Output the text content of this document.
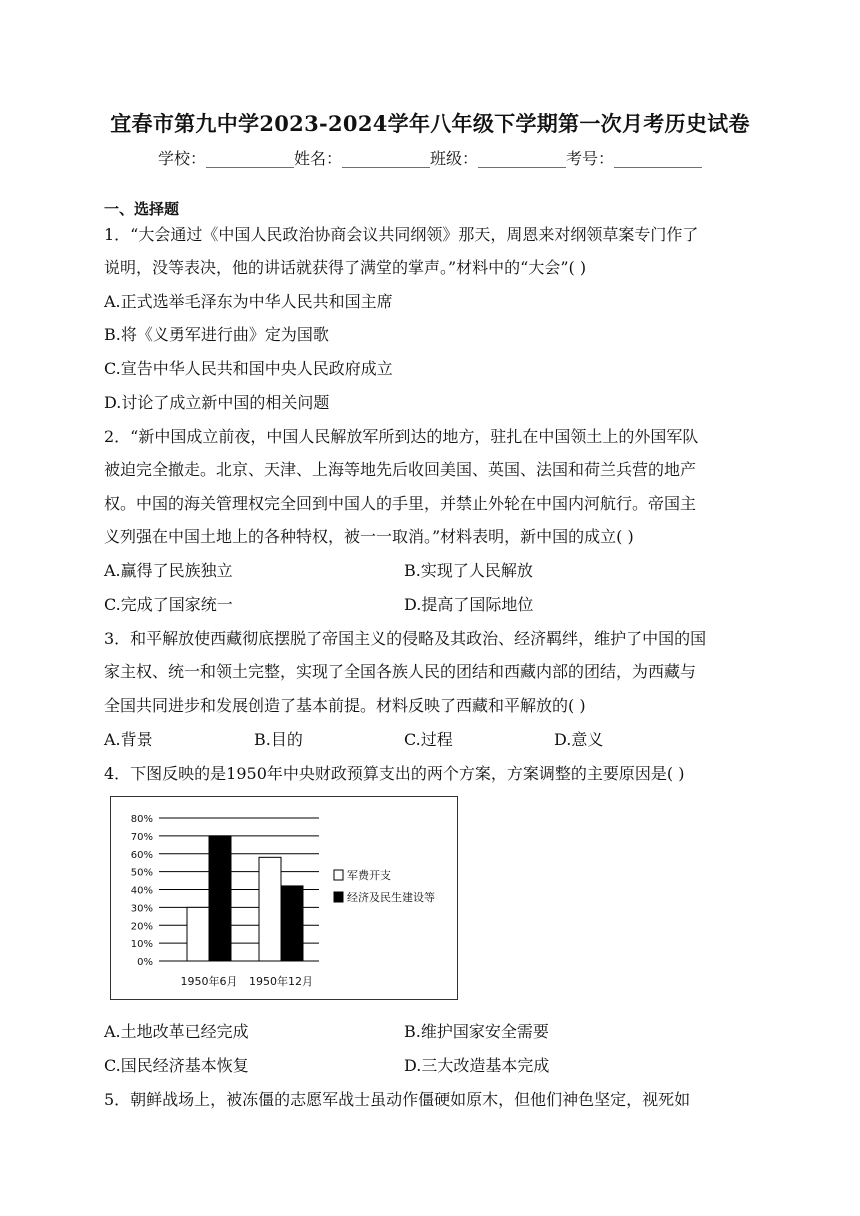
宜春市第九中学2023-2024学年八年级下学期第一次月考历史试卷
学校：___________姓名：___________班级：___________考号：___________
一、选择题
1．“大会通过《中国人民政治协商会议共同纲领》那天，周恩来对纲领草案专门作了
说明，没等表决，他的讲话就获得了满堂的掌声。”材料中的“大会”( )
A.正式选举毛泽东为中华人民共和国主席
B.将《义勇军进行曲》定为国歌
C.宣告中华人民共和国中央人民政府成立
D.讨论了成立新中国的相关问题
2．“新中国成立前夜，中国人民解放军所到达的地方，驻扎在中国领土上的外国军队
被迫完全撤走。北京、天津、上海等地先后收回美国、英国、法国和荷兰兵营的地产
权。中国的海关管理权完全回到中国人的手里，并禁止外轮在中国内河航行。帝国主
义列强在中国土地上的各种特权，被一一取消。”材料表明，新中国的成立( )
A.赢得了民族独立	B.实现了人民解放
C.完成了国家统一	D.提高了国际地位
3．和平解放使西藏彻底摆脱了帝国主义的侵略及其政治、经济羁绊，维护了中国的国
家主权、统一和领土完整，实现了全国各族人民的团结和西藏内部的团结，为西藏与
全国共同进步和发展创造了基本前提。材料反映了西藏和平解放的( )
A.背景	B.目的	C.过程	D.意义
4．下图反映的是1950年中央财政预算支出的两个方案，方案调整的主要原因是( )
80%
70%
60%
50%
40%
30%
20%
10%
0%
1950年6月 1950年12月
军费开支
经济及民生建设等
A.土地改革已经完成	B.维护国家安全需要
C.国民经济基本恢复	D.三大改造基本完成
5．朝鲜战场上，被冻僵的志愿军战士虽动作僵硬如原木，但他们神色坚定，视死如
